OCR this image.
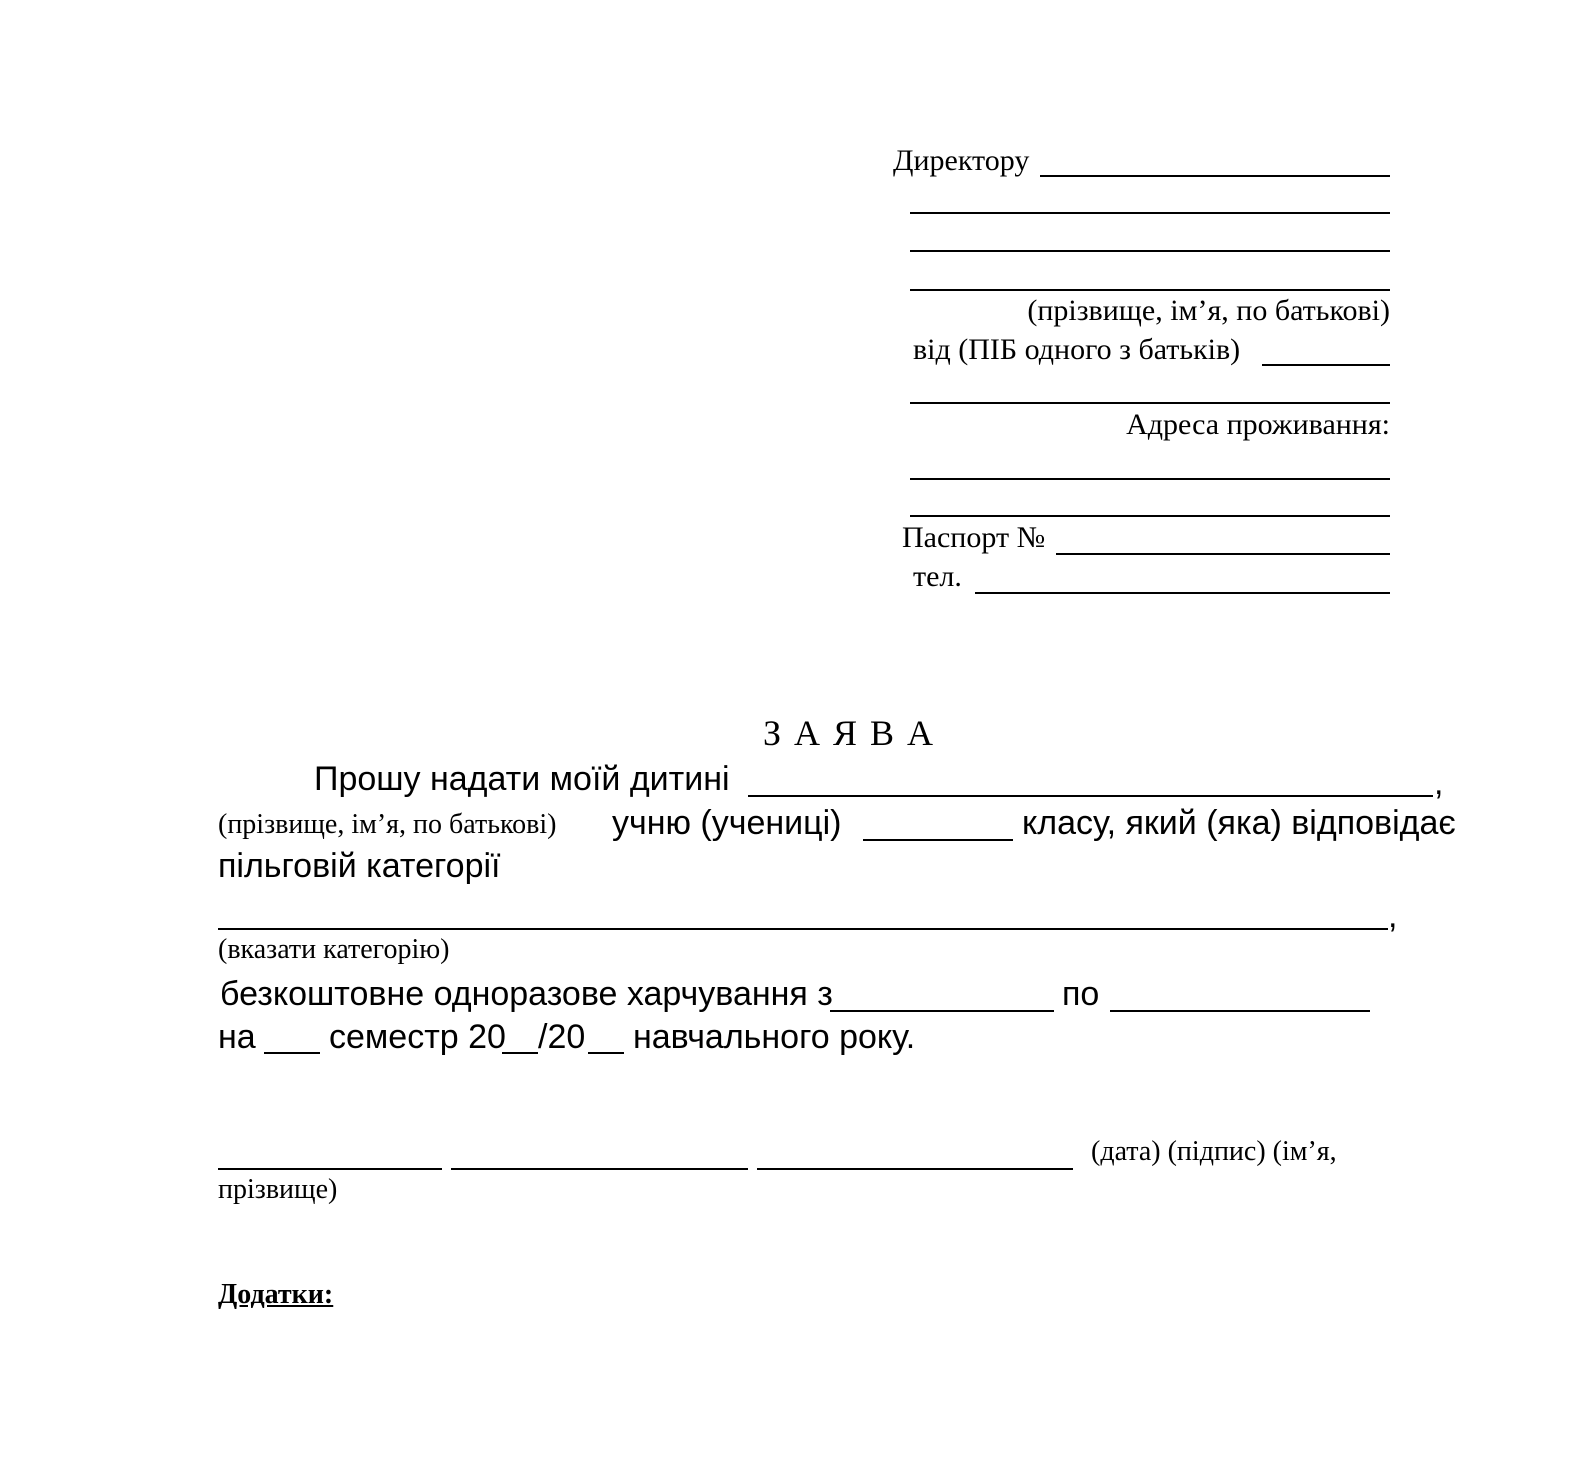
Директору
(прізвище, ім’я, по батькові)
від (ПІБ одного з батьків)
Адреса проживання:
Паспорт №
тел.
З А Я В А
Прошу надати моїй дитині	,
(прізвище, ім’я, по батькові) учню (учениці)	класу, який (яка) відповідає
пільговій категорії
,
(вказати категорію)
безкоштовне одноразове харчування з	по
на семестр 20 /20 навчального року.
(дата) (підпис) (ім’я,
прізвище)
Додатки:
